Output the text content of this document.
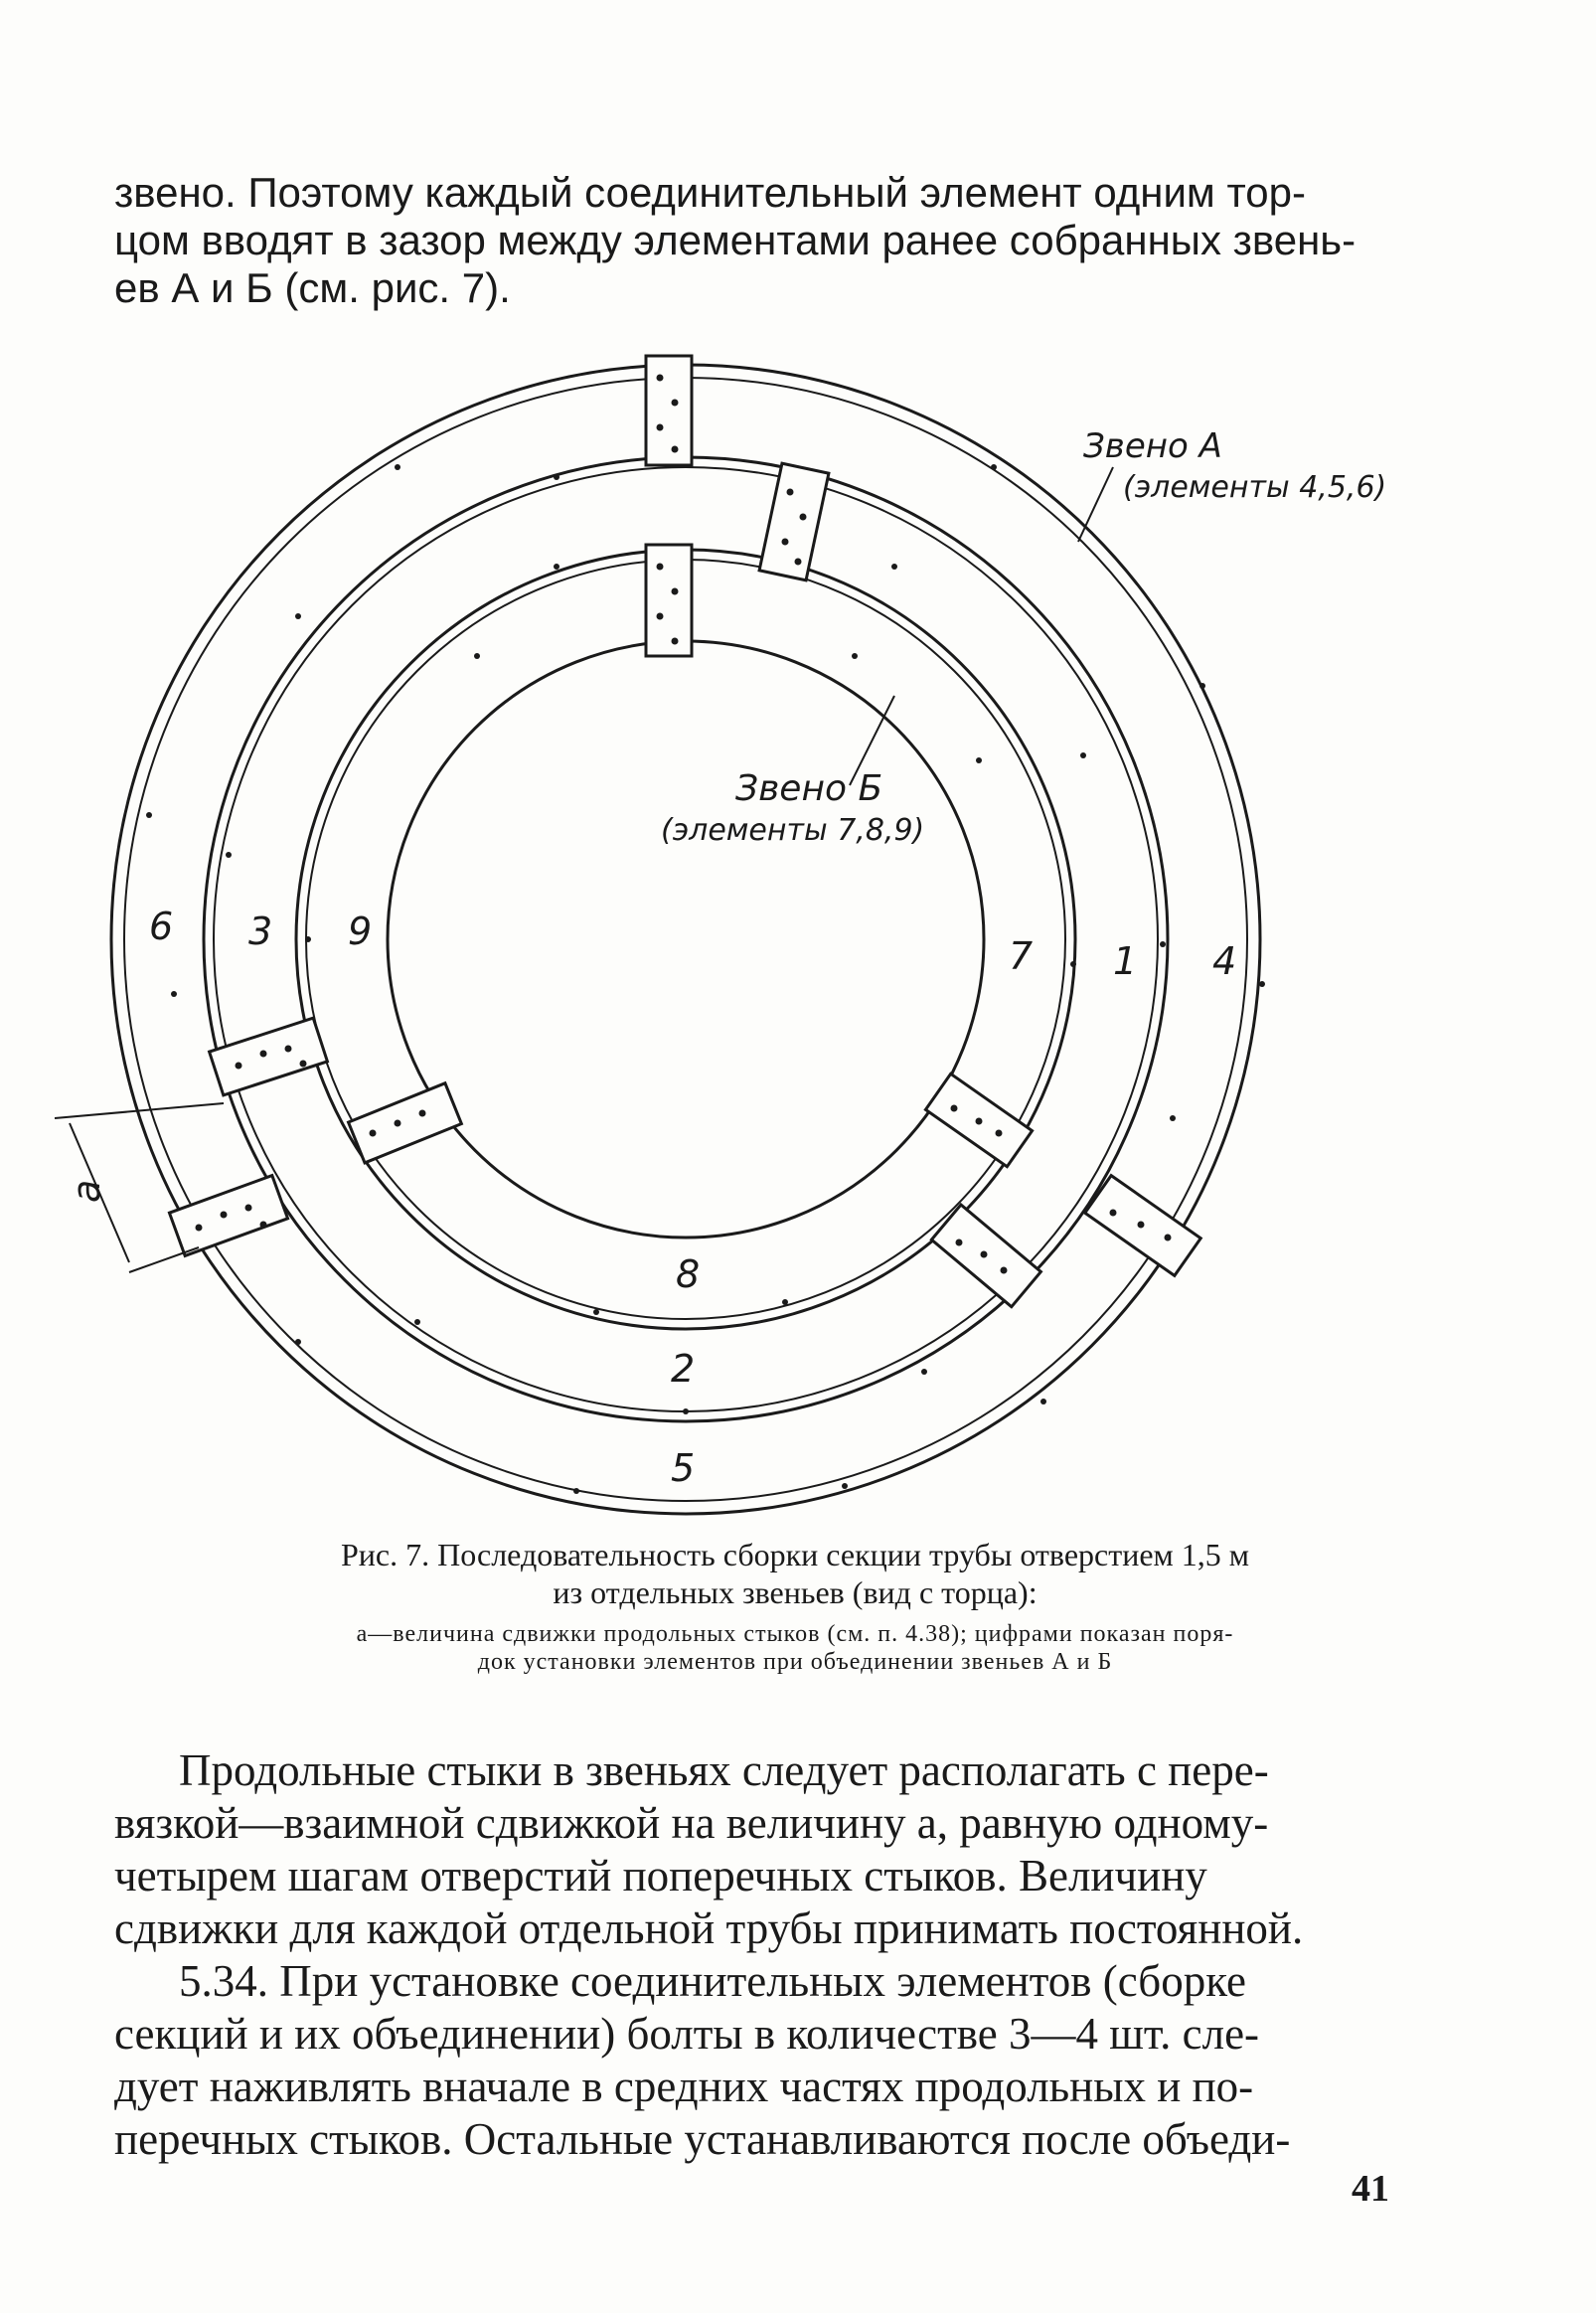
звено. Поэтому каждый соединительный элемент одним тор-
цом вводят в зазор между элементами ранее собранных звень-
ев А и Б (см. рис. 7).

Звено А
(элементы 4,5,6)
Звено Б
(элементы 7,8,9)
1
2
3
4
5
6
7
8
9
a
Рис. 7. Последовательность сборки секции трубы отверстием 1,5 м
из отдельных звеньев (вид с торца):
a—величина сдвижки продольных стыков (см. п. 4.38); цифрами показан поря-
док установки элементов при объединении звеньев А и Б

Продольные стыки в звеньях следует располагать с пере-
вязкой—взаимной сдвижкой на величину a, равную одному-
четырем шагам отверстий поперечных стыков. Величину
сдвижки для каждой отдельной трубы принимать постоянной.
5.34. При установке соединительных элементов (сборке
секций и их объединении) болты в количестве 3—4 шт. сле-
дует наживлять вначале в средних частях продольных и по-
перечных стыков. Остальные устанавливаются после объеди-

41
